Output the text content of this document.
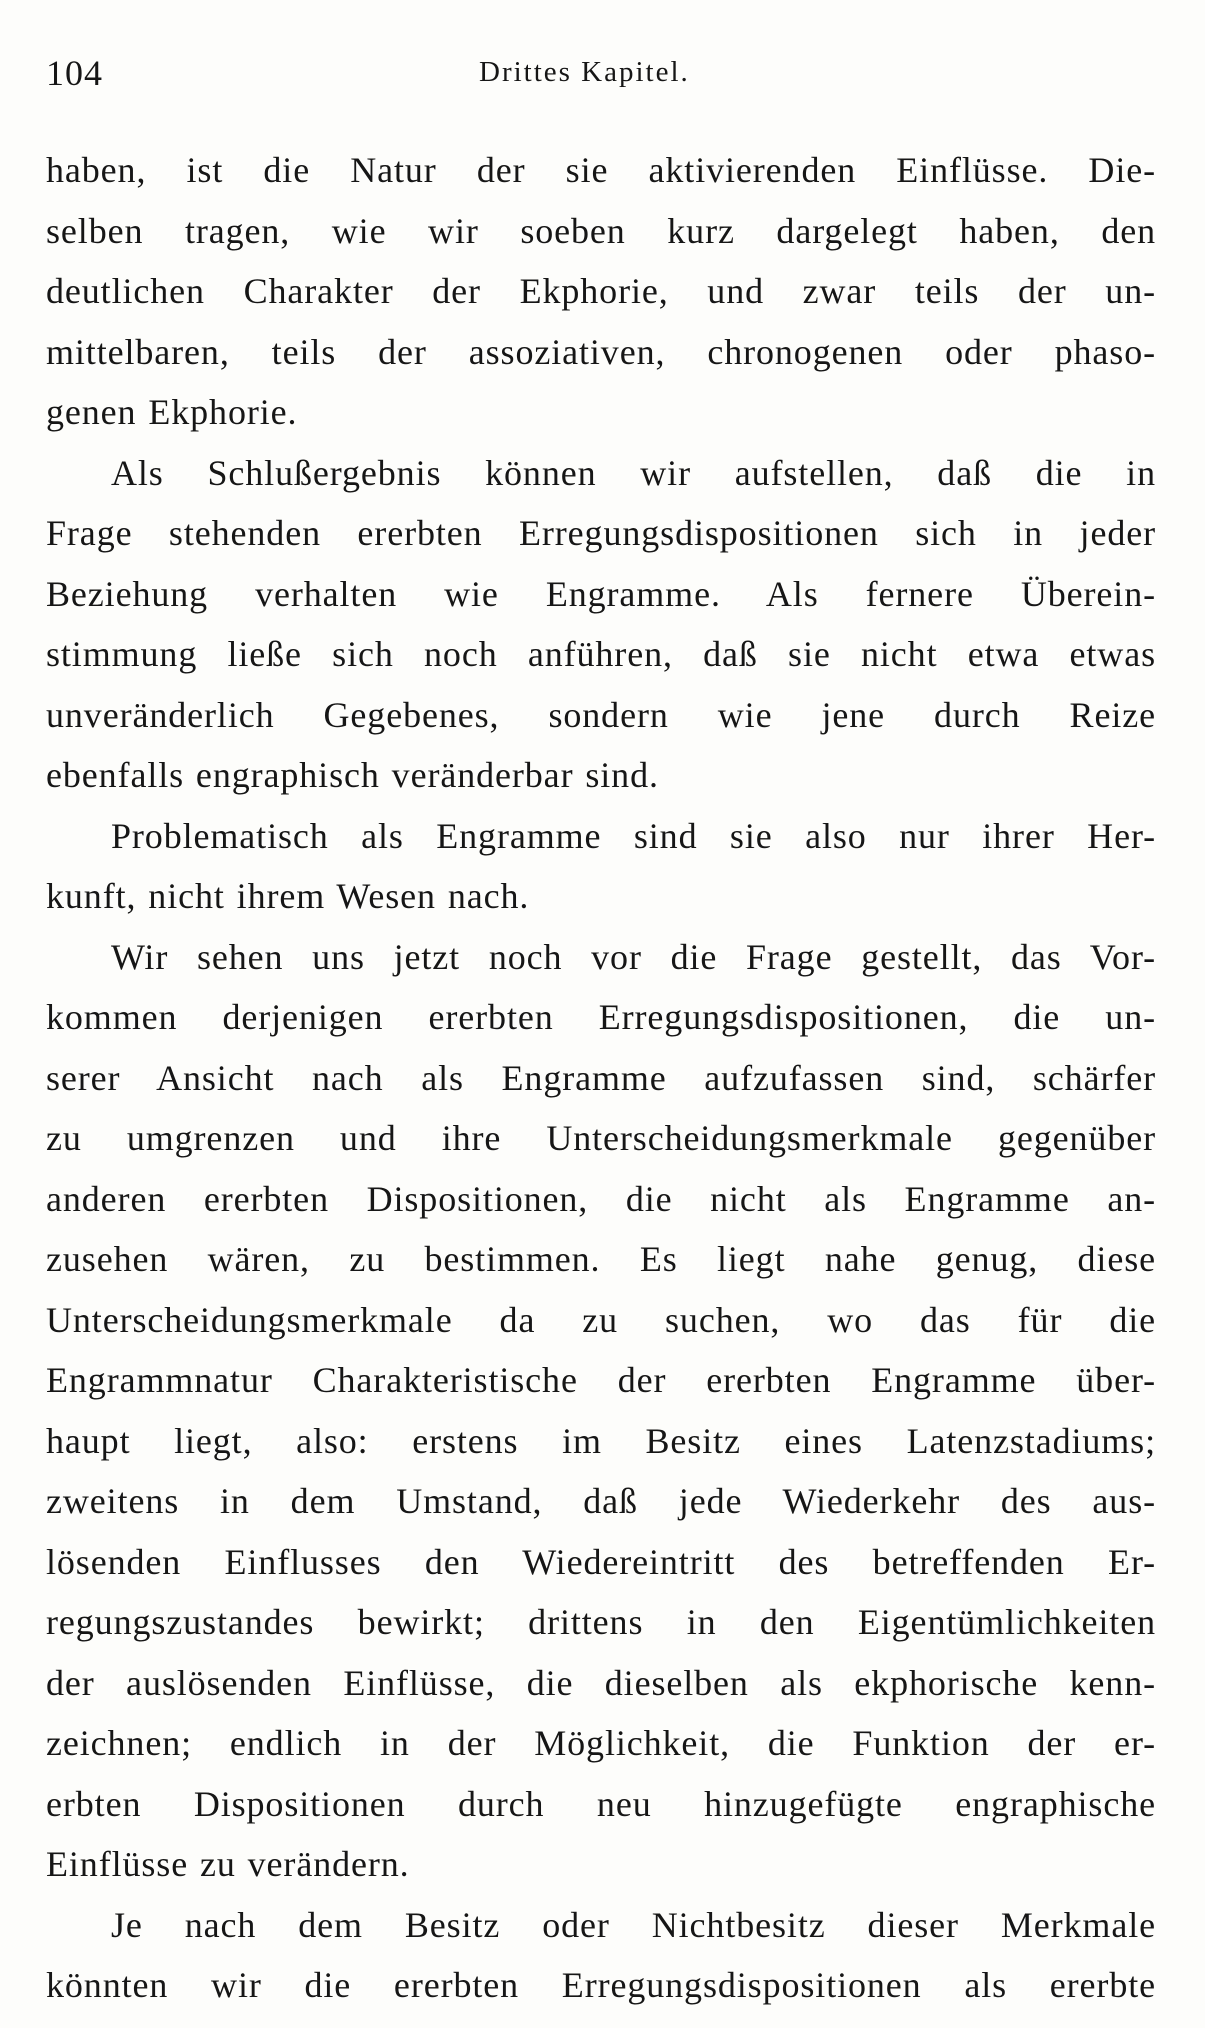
104	Drittes Kapitel.
haben, ist die Natur der sie aktivierenden Einflüsse. Die-
selben tragen, wie wir soeben kurz dargelegt haben, den
deutlichen Charakter der Ekphorie, und zwar teils der un-
mittelbaren, teils der assoziativen, chronogenen oder phaso-
genen Ekphorie.
Als Schlußergebnis können wir aufstellen, daß die in
Frage stehenden ererbten Erregungsdispositionen sich in jeder
Beziehung verhalten wie Engramme. Als fernere Überein-
stimmung ließe sich noch anführen, daß sie nicht etwa etwas
unveränderlich Gegebenes, sondern wie jene durch Reize
ebenfalls engraphisch veränderbar sind.
Problematisch als Engramme sind sie also nur ihrer Her-
kunft, nicht ihrem Wesen nach.
Wir sehen uns jetzt noch vor die Frage gestellt, das Vor-
kommen derjenigen ererbten Erregungsdispositionen, die un-
serer Ansicht nach als Engramme aufzufassen sind, schärfer
zu umgrenzen und ihre Unterscheidungsmerkmale gegenüber
anderen ererbten Dispositionen, die nicht als Engramme an-
zusehen wären, zu bestimmen. Es liegt nahe genug, diese
Unterscheidungsmerkmale da zu suchen, wo das für die
Engrammnatur Charakteristische der ererbten Engramme über-
haupt liegt, also: erstens im Besitz eines Latenzstadiums;
zweitens in dem Umstand, daß jede Wiederkehr des aus-
lösenden Einflusses den Wiedereintritt des betreffenden Er-
regungszustandes bewirkt; drittens in den Eigentümlichkeiten
der auslösenden Einflüsse, die dieselben als ekphorische kenn-
zeichnen; endlich in der Möglichkeit, die Funktion der er-
erbten Dispositionen durch neu hinzugefügte engraphische
Einflüsse zu verändern.
Je nach dem Besitz oder Nichtbesitz dieser Merkmale
könnten wir die ererbten Erregungsdispositionen als ererbte
